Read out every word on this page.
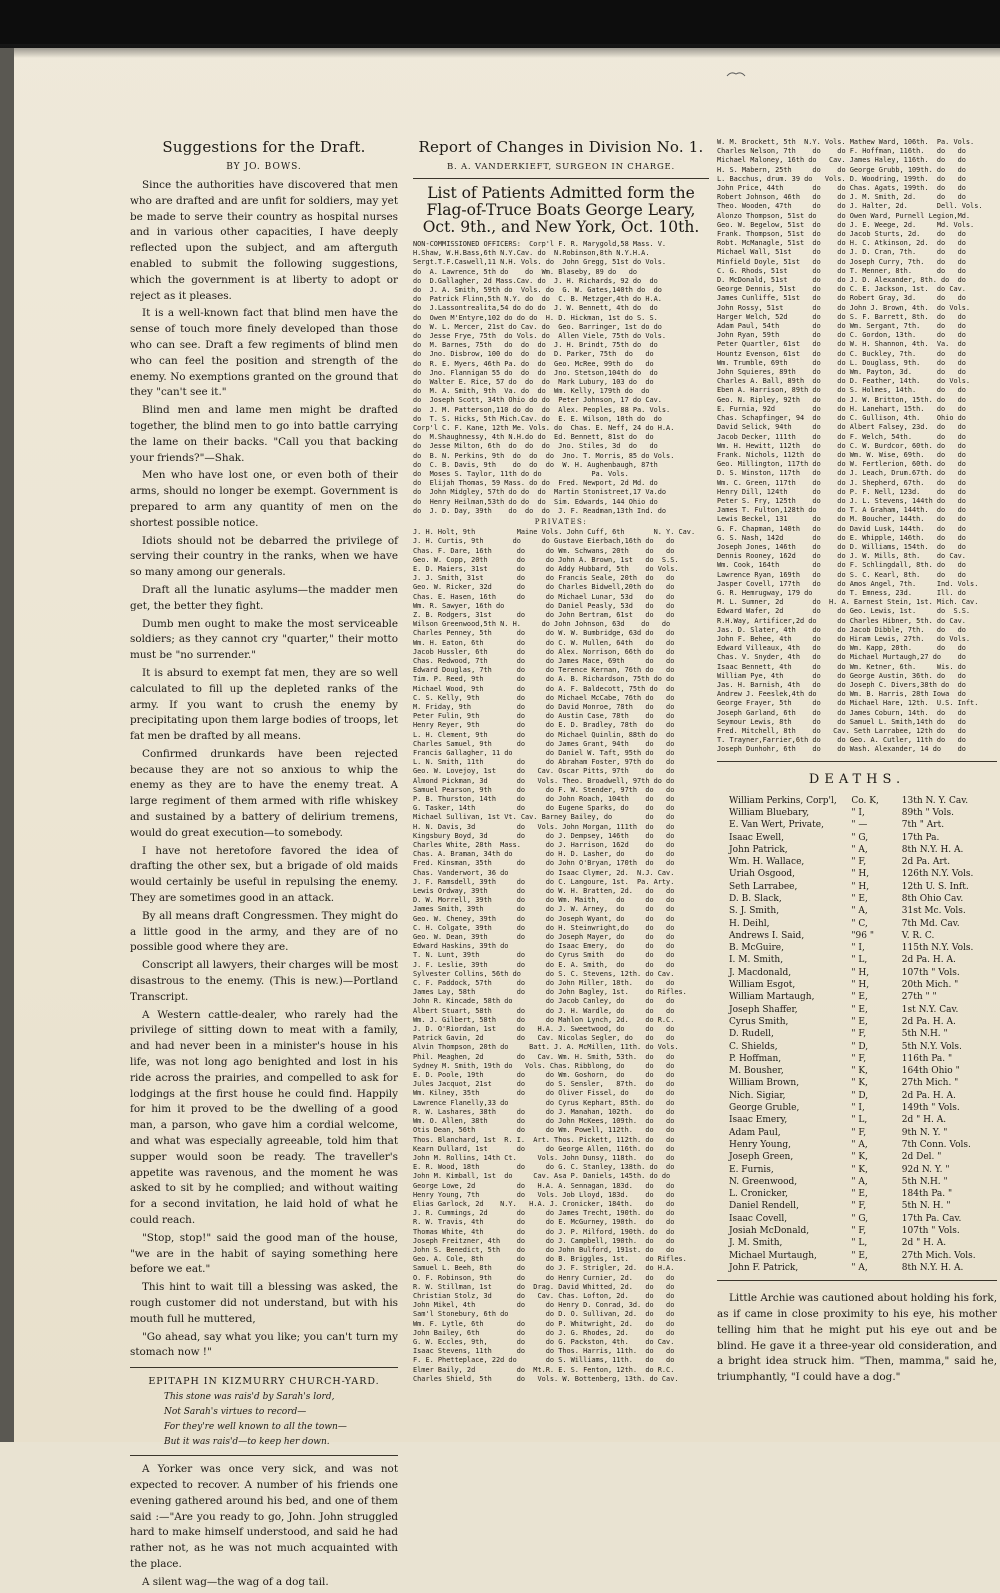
Suggestions for the Draft.
BY JO. BOWS.

Since the authorities have discovered that men who are drafted and are unfit for soldiers, may yet be made to serve their country as hospital nurses and in various other capacities, I have deeply reflected upon the subject, and am afterguth enabled to submit the following suggestions, which the government is at liberty to adopt or reject as it pleases.

It is a well-known fact that blind men have the sense of touch more finely developed than those who can see. Draft a few regiments of blind men who can feel the position and strength of the enemy. No exemptions granted on the ground that they "can't see it."

Blind men and lame men might be drafted together, the blind men to go into battle carrying the lame on their backs. "Call you that backing your friends?"—Shak.

Men who have lost one, or even both of their arms, should no longer be exempt. Government is prepared to arm any quantity of men on the shortest possible notice.

Idiots should not be debarred the privilege of serving their country in the ranks, when we have so many among our generals.

Draft all the lunatic asylums—the madder men get, the better they fight.

Dumb men ought to make the most serviceable soldiers; as they cannot cry "quarter," their motto must be "no surrender."

It is absurd to exempt fat men, they are so well calculated to fill up the depleted ranks of the army. If you want to crush the enemy by precipitating upon them large bodies of troops, let fat men be drafted by all means.

Confirmed drunkards have been rejected because they are not so anxious to whip the enemy as they are to have the enemy treat. A large regiment of them armed with rifle whiskey and sustained by a battery of delirium tremens, would do great execution—to somebody.

I have not heretofore favored the idea of drafting the other sex, but a brigade of old maids would certainly be useful in repulsing the enemy. They are sometimes good in an attack.

By all means draft Congressmen. They might do a little good in the army, and they are of no possible good where they are.

Conscript all lawyers, their charges will be most disastrous to the enemy. (This is new.)—Portland Transcript.

A Western cattle-dealer, who rarely had the privilege of sitting down to meat with a family, and had never been in a minister's house in his life, was not long ago benighted and lost in his ride across the prairies, and compelled to ask for lodgings at the first house he could find. Happily for him it proved to be the dwelling of a good man, a parson, who gave him a cordial welcome, and what was especially agreeable, told him that supper would soon be ready. The traveller's appetite was ravenous, and the moment he was asked to sit by he complied; and without waiting for a second invitation, he laid hold of what he could reach.

"Stop, stop!" said the good man of the house, "we are in the habit of saying something here before we eat."

This hint to wait till a blessing was asked, the rough customer did not understand, but with his mouth full he muttered,

"Go ahead, say what you like; you can't turn my stomach now !"

EPITAPH IN KIZMURRY CHURCH-YARD.

This stone was rais'd by Sarah's lord,

Not Sarah's virtues to record—

For they're well known to all the town—

But it was rais'd—to keep her down.

A Yorker was once very sick, and was not expected to recover. A number of his friends one evening gathered around his bed, and one of them said :—"Are you ready to go, John. John struggled hard to make himself understood, and said he had rather not, as he was not much acquainted with the place.

A silent wag—the wag of a dog tail.

Report of Changes in Division No. 1.
B. A. VANDERKIEFT, SURGEON IN CHARGE.
List of Patients Admitted form the Flag-of-Truce Boats George Leary, Oct. 9th., and New York, Oct. 10th.
NON-COMMISSIONED OFFICERS:  Corp'l F. R. Marygold,58 Mass. V.
H.Shaw, W.H.Bass,6th N.Y.Cav. do  N.Robinson,8th N.Y.H.A.
Sergt.T.F.Caswell,11 N.H. Vols. do  John Gregg, 51st do Vols.
do  A. Lawrence, 5th do    do  Wm. Blaseby, 89 do   do
do  D.Gallagher, 2d Mass.Cav. do  J. H. Richards, 92 do  do
do  J. A. Smith, 59th do  Vols. do  G. W. Gates,140th do  do
do  Patrick Flinn,5th N.Y. do  do  C. B. Metzger,4th do H.A.
do  J.Lassontrealita,54 do do do  J. W. Bennett, 4th do  do
do  Owen M'Entyre,102 do do do  H. D. Hickman, 1st do S. S.
do  W. L. Mercer, 21st do Cav. do  Geo. Barringer, 1st do do
do  Jesse Frye, 75th  do Vols. do  Allen Viele, 75th do Vols.
do  M. Barnes, 75th   do  do  do  J. H. Brindt, 75th do  do
do  Jno. Disbrow, 100 do  do  do  D. Parker, 75th  do   do
do  R. E. Myers, 46th Pa. do  do  Geo. McRee, 99th do   do
do  Jno. Flannigan 55 do  do  do  Jno. Stetson,104th do  do
do  Walter E. Rice, 57 do  do  do  Mark Lubury, 103 do  do
do  M. A. Smith, 9th  Va. do  do  Wm. Kelly, 179th do  do
do  Joseph Scott, 34th Ohio do do  Peter Johnson, 17 do Cav.
do  J. M. Patterson,110 do do  do  Alex. Peoples, 88 Pa. Vols.
do  T. S. Hicks, 5th Mich.Cav. do  E. E. Wilson, 10th do  do
Corp'l C. F. Kane, 12th Me. Vols. do  Chas. E. Neff, 24 do H.A.
do  M.Shaughnessy, 4th N.H.do do  Ed. Bennett, 81st do  do
do  Jesse Milton, 6th  do  do  do  Jno. Stiles, 3d  do   do
do  B. N. Perkins, 9th  do  do  do  Jno. T. Morris, 85 do Vols.
do  C. B. Davis, 9th    do  do  do  W. H. Aughenbaugh, 87th
do  Moses S. Taylor, 11th do do            Pa. Vols.
do  Elijah Thomas, 59 Mass. do do  Fred. Newport, 2d Md. do
do  John Midgley, 57th do do  do  Martin Stonistreet,17 Va.do
do  Henry Heilman,53th do do  do  Sim. Edwards, 144 Ohio do
do  J. D. Day, 39th    do  do  do  J. F. Readman,13th Ind. do
PRIVATES:
J. H. Holt, 9th          Maine Vols. John Cuff, 6th       N. Y. Cav.
J. H. Curtis, 9th       do     do Gustave Eierbach,16th do   do
Chas. F. Dare, 16th      do     do Wm. Schwans, 20th    do   do
Geo. W. Copp, 20th       do     do John A. Brown, 1st   do  S.S.
E. D. Maiers, 31st       do     do Addy Hubbard, 5th    do Vols.
J. J. Smith, 31st        do     do Francis Seale, 20th  do   do
Geo. W. Ricker, 32d      do     do Charles Bidwell,20th do   do
Chas. E. Hasen, 16th     do     do Michael Lunar, 53d   do   do
Wm. R. Sawyer, 16th do          do Daniel Peasly, 53d   do   do
Z. B. Rodgers, 31st      do     do John Bertram, 61st   do   do
Wilson Greenwood,5th N. H.     do John Johnson, 63d    do   do
Charles Penney, 5th      do     do W. W. Bumbridge, 63d do   do
Wm. H. Eaton, 6th        do     do C. W. Mullen, 64th   do   do
Jacob Hussler, 6th       do     do Alex. Norrison, 66th do   do
Chas. Redwood, 7th       do     do James Mace, 69th     do   do
Edward Douglas, 7th      do     do Terence Kernan, 76th do   do
Tim. P. Reed, 9th        do     do A. B. Richardson, 75th do do
Michael Wood, 9th        do     do A. F. Baldecott, 75th do  do
C. S. Kelly, 9th         do     do Michael McCabe, 76th do   do
M. Friday, 9th           do     do David Monroe, 78th   do   do
Peter Fulin, 9th         do     do Austin Case, 78th    do   do
Henry Reyer, 9th         do     do E. D. Bradley, 78th  do   do
L. H. Clement, 9th       do     do Michael Quinlin, 88th do  do
Charles Samuel, 9th      do     do James Grant, 94th    do   do
Francis Gallagher, 11 do        do Daniel W. Taft, 95th do   do
L. N. Smith, 11th        do     do Abraham Foster, 97th do   do
Geo. W. Lovejoy, 1st     do   Cav. Oscar Pitts, 97th    do   do
Almond Pickman, 3d       do   Vols. Theo. Broadwell, 97th do do
Samuel Pearson, 9th      do     do F. W. Stender, 97th  do   do
P. B. Thurston, 14th     do     do John Roach, 104th    do   do
G. Tasker, 14th          do     do Eugene Sparks, do    do   do
Michael Sullivan, 1st Vt. Cav. Barney Bailey, do        do   do
H. N. Davis, 3d          do   Vols. John Morgan, 111th  do   do
Kingsbury Boyd, 3d       do     do J. Dempsey, 146th    do   do
Charles White, 28th  Mass.      do J. Harrison, 162d    do   do
Chas. A. Braman, 34th do        do H. D. Lasher, do     do   do
Fred. Kinsman, 35th      do     do John O'Bryan, 170th  do   do
Chas. Vanderwort, 36 do         do Isaac Clymer, 2d.  N.J. Cav.
J. F. Ramsdell, 39th     do     do C. Langoure, 1st.  Pa. Arty.
Lewis Ordway, 39th       do     do W. H. Bratten, 2d.   do   do
D. W. Morrell, 39th      do     do Wm. Maith,    do     do   do
James Smith, 39th        do     do J. W. Arney,  do     do   do
Geo. W. Cheney, 39th     do     do Joseph Wyant, do     do   do
C. H. Colgate, 39th      do     do H. Steinwright,do    do   do
Geo. W. Dean, 39th       do     do Joseph Mayer, do     do   do
Edward Haskins, 39th do         do Isaac Emery,  do     do   do
T. N. Lunt, 39th         do     do Cyrus Smith   do     do   do
J. F. Leslie, 39th       do     do E. A. Smith,  do     do   do
Sylvester Collins, 56th do      do S. C. Stevens, 12th. do Cav.
C. F. Paddock, 57th      do     do John Miller, 18th.   do   do
James Lay, 58th          do     do John Bagley, 1st.    do Rifles.
John R. Kincade, 58th do        do Jacob Canley, do     do   do
Albert Stuart, 58th      do     do J. H. Wardle, do     do   do
Wm. J. Gilbert, 58th     do     do Mahlon Lynch, 2d.    do R.C.
J. D. O'Riordan, 1st     do   H.A. J. Sweetwood, do     do   do
Patrick Gavin, 2d        do   Cav. Nicolas Segler, do   do   do
Alvin Thompson, 20th do     Batt. J. A. McMillen, 11th. do Vols.
Phil. Meaghen, 2d        do   Cav. Wm. H. Smith, 53th.  do   do
Sydney M. Smith, 19th do   Vols. Chas. Ribblong, do     do   do
E. D. Poole, 19th        do     do Wm. Goshorn,  do     do   do
Jules Jacquot, 21st      do     do S. Sensler,   87th.  do   do
Wm. Kilney, 35th         do     do Oliver Fissel, do    do   do
Lawrence Flanelly,33 do         do Cyrus Kephart, 85th. do   do
R. W. Lashares, 38th     do     do J. Manahan, 102th.   do   do
Wm. O. Allen, 38th       do     do John McKees, 109th.  do   do
Otis Dean, 56th          do     do Wm. Powell, 112th.   do   do
Thos. Blanchard, 1st  R. I.  Art. Thos. Pickett, 112th. do   do
Kearn Dullard, 1st       do     do George Allen, 116th. do   do
John M. Rollins, 14th Ct.     Vols. John Dunsy, 118th.  do   do
E. R. Wood, 18th         do     do G. C. Stanley, 138th. do  do
John M. Kimball, 1st  do     Cav. Asa P. Daniels, 145th. do do
George Lowe, 2d          do   H.A. A. Sennagan, 183d.   do   do
Henry Young, 7th         do   Vols. Job Lloyd, 183d.    do   do
Elias Garlock, 2d    N.Y.   H.A. J. Cronicker, 184th.   do   do
J. R. Cummings, 2d       do     do James Trecht, 190th. do   do
R. W. Travis, 4th        do     do E. McGurney, 190th.  do   do
Thomas White, 4th        do     do J. P. Milford, 190th. do  do
Joseph Freitzner, 4th    do     do J. Campbell, 190th.  do   do
John S. Benedict, 5th    do     do John Bulford, 191st. do   do
Geo. A. Cole, 8th        do     do B. Briggles, 1st.    do Rifles.
Samuel L. Beeh, 8th      do     do J. F. Strigler, 2d.  do H.A.
O. F. Robinson, 9th      do     do Henry Curnier, 2d.   do   do
R. W. Stillman, 1st      do  Drag. David Whitted, 2d.   do   do
Christian Stolz, 3d      do   Cav. Chas. Lofton, 2d.    do   do
John Mikel, 4th          do     do Henry D. Conrad, 3d. do   do
Sam'l Stonebury, 6th do         do D. O. Sullivan, 2d.  do   do
Wm. F. Lytle, 6th        do     do P. Whitwright, 2d.   do   do
John Bailey, 6th         do     do J. G. Rhodes, 2d.    do   do
G. W. Eccles, 9th,       do     do G. Packston, 4th.    do Cav.
Isaac Stevens, 11th      do     do Thos. Harris, 11th.  do   do
F. E. Phetteplace, 22d do       do S. Williams, 11th.   do   do
Elmer Baily, 2d          do  Mt.R. E. S. Fenton, 12th.  do R.C.
Charles Shield, 5th      do   Vols. W. Bottenberg, 13th. do Cav.
W. M. Brockett, 5th  N.Y. Vols. Mathew Ward, 106th.  Pa. Vols.
Charles Nelson, 7th    do    do F. Hoffman, 116th.   do   do
Michael Maloney, 16th do   Cav. James Haley, 116th.  do   do
H. S. Mabern, 25th     do    do George Grubb, 109th. do   do
L. Bacchus, drum. 39 do   Vols. D. Woodring, 199th.  do   do
John Price, 44th       do    do Chas. Agats, 199th.  do   do
Robert Johnson, 46th   do    do J. M. Smith, 2d.     do   do
Theo. Wooden, 47th     do    do J. Halter, 2d.       Dell. Vols.
Alonzo Thompson, 51st do     do Owen Ward, Purnell Legion,Md.
Geo. W. Begelow, 51st  do    do J. E. Weege, 2d.     Md. Vols.
Frank. Thompson, 51st  do    do Jacob Sturts, 2d.    do   do
Robt. McManagle, 51st  do    do H. C. Atkinson, 2d.  do   do
Michael Wall, 51st     do    do J. D. Cran, 7th.     do   do
Minfield Doyle, 51st   do    do Joseph Curry, 7th.   do   do
C. G. Rhods, 51st      do    do T. Menner, 8th.      do   do
D. McDonald, 51st      do    do J. D. Alexander, 8th. do  do
George Dennis, 51st    do    do C. E. Jackson, 1st.  do Cav.
James Cunliffe, 51st   do    do Robert Gray, 3d.     do   do
John Rossy, 51st       do    do John J. Brown, 4th.  do Vols.
Harger Welch, 52d      do    do S. F. Barrett, 8th.  do   do
Adam Paul, 54th        do    do Wm. Sergant, 7th.    do   do
John Ryan, 59th        do    do C. Gordon, 13th.     do   do
Peter Quartler, 61st   do    do W. H. Shannon, 4th.  Va.  do
Hountz Evenson, 61st   do    do C. Buckley, 7th.     do   do
Wm. Trumble, 69th      do    do L. Douglass, 9th.    do   do
John Squieres, 89th    do    do Wm. Payton, 3d.      do   do
Charles A. Ball, 89th  do    do D. Feather, 14th.    do Vols.
Eben A. Harrison, 89th do    do S. Holmes, 14th.     do   do
Geo. N. Ripley, 92th   do    do J. W. Britton, 15th. do   do
E. Furnia, 92d         do    do H. Lanehart, 15th.   do   do
Chas. Schapfinger, 94  do    do C. Gullison, 4th.    Ohio do
David Selick, 94th     do    do Albert Falsey, 23d.  do   do
Jacob Decker, 111th    do    do F. Welch, 54th.      do   do
Wm. H. Hewitt, 112th   do    do C. W. Burdcor, 60th. do   do
Frank. Nichols, 112th  do    do Wm. W. Wise, 69th.   do   do
Geo. Millington, 117th do    do W. Fertlerion, 60th. do   do
D. S. Winston, 117th   do    do J. Leach, Drum.67th. do   do
Wm. C. Green, 117th    do    do J. Shepherd, 67th.   do   do
Henry Dill, 124th      do    do P. F. Nell, 123d.    do   do
Peter S. Fry, 125th    do    do J. L. Stevens, 144th do   do
James T. Fulton,128th do     do T. A Graham, 144th.  do   do
Lewis Beckel, 131      do    do M. Boucher, 144th.   do   do
G. F. Chapman, 140th   do    do David Lusk, 144th.   do   do
G. S. Nash, 142d       do    do E. Whipple, 146th.   do   do
Joseph Jones, 146th    do    do D. Williams, 154th.  do   do
Dennis Rooney, 162d    do    do J. W. Mills, 8th.    do Cav.
Wm. Cook, 164th        do    do F. Schlingdall, 8th. do   do
Lawrence Ryan, 169th   do    do S. C. Kearl, 8th.    do   do
Jasper Covell, 177th   do    do Amos Angel, 7th.     Ind. Vols.
G. R. Hemrugway, 179 do      do T. Emness, 23d.      Ill. do
M. L. Sumner, 2d       do  H. A. Earnest Stein, 1st. Mich. Cav.
Edward Wafer, 2d       do    do Geo. Lewis, 1st.     do  S.S.
R.H.Way, Artificer,2d do     do Charles Hibner, 5th. do Cav.
Jas. D. Slater, 4th    do    do Jacob Dibble, 7th.   do   do
John F. Behee, 4th     do    do Hiram Lewis, 27th.   do Vols.
Edward Villeaux, 4th   do    do Wm. Kapp, 20th.      do   do
Chas. V. Snyder, 4th   do    do Michael Murtaugh,27 do    do
Isaac Bennett, 4th     do    do Wm. Ketner, 6th.     Wis. do
William Pye, 4th       do    do George Austin, 36th. do   do
Jas. H. Barnish, 4th   do    do Joseph C. Divers,38th do  do
Andrew J. Feeslek,4th do     do Wm. B. Harris, 28th Iowa  do
George Frayer, 5th     do    do Michael Hare, 12th.  U.S. Inft.
Joseph Garland, 6th    do    do James Coburn, 14th.  do   do
Seymour Lewis, 8th     do    do Samuel L. Smith,14th do   do
Fred. Mitchell, 8th    do   Cav. Seth Larrabee, 12th do   do
T. Trayner,Farrier,6th do    do Geo. A. Cutler, 11th do   do
Joseph Dunhohr, 6th    do    do Wash. Alexander, 14 do    do
DEATHS.
William Perkins, Corp'l,	Co. K,	13th N. Y. Cav.
William Bluebary,	" I,	89th " Vols.
E. Van Wert, Private,	" —	7th " Art.
Isaac Ewell,	" G,	17th Pa.
John Patrick,	" A,	8th N.Y. H. A.
Wm. H. Wallace,	" F,	2d Pa. Art.
Uriah Osgood,	" H,	126th N.Y. Vols.
Seth Larrabee,	" H,	12th U. S. Inft.
D. B. Slack,	" E,	8th Ohio Cav.
S. J. Smith,	" A,	31st Mc. Vols.
H. Deihl,	" C,	7th Md. Cav.
Andrews I. Said,	"96 "	V. R. C.
B. McGuire,	" I,	115th N.Y. Vols.
I. M. Smith,	" L,	2d Pa. H. A.
J. Macdonald,	" H,	107th " Vols.
William Esgot,	" H,	20th Mich. "
William Martaugh,	" E,	27th " "
Joseph Shaffer,	" E,	1st N.Y. Cav.
Cyrus Smith,	" E,	2d Pa. H. A.
D. Rudell,	" F,	5th N.H. "
C. Shields,	" D,	5th N.Y. Vols.
P. Hoffman,	" F,	116th Pa. "
M. Bousher,	" K,	164th Ohio "
William Brown,	" K,	27th Mich. "
Nich. Sigiar,	" D,	2d Pa. H. A.
George Gruble,	" I,	149th " Vols.
Isaac Emery,	" L,	2d " H. A.
Adam Paul,	" F,	9th N. Y. "
Henry Young,	" A,	7th Conn. Vols.
Joseph Green,	" K,	2d Del. "
E. Furnis,	" K,	92d N. Y. "
N. Greenwood,	" A,	5th N.H. "
L. Cronicker,	" E,	184th Pa. "
Daniel Rendell,	" F,	5th N. H. "
Isaac Covell,	" G,	17th Pa. Cav.
Josiah McDonald,	" F,	107th " Vols.
J. M. Smith,	" L,	2d " H. A.
Michael Murtaugh,	" E,	27th Mich. Vols.
John F. Patrick,	" A,	8th N.Y. H. A.

Little Archie was cautioned about holding his fork, as if came in close proximity to his eye, his mother telling him that he might put his eye out and be blind. He gave it a three-year old consideration, and a bright idea struck him. "Then, mamma," said he, triumphantly, "I could have a dog."
